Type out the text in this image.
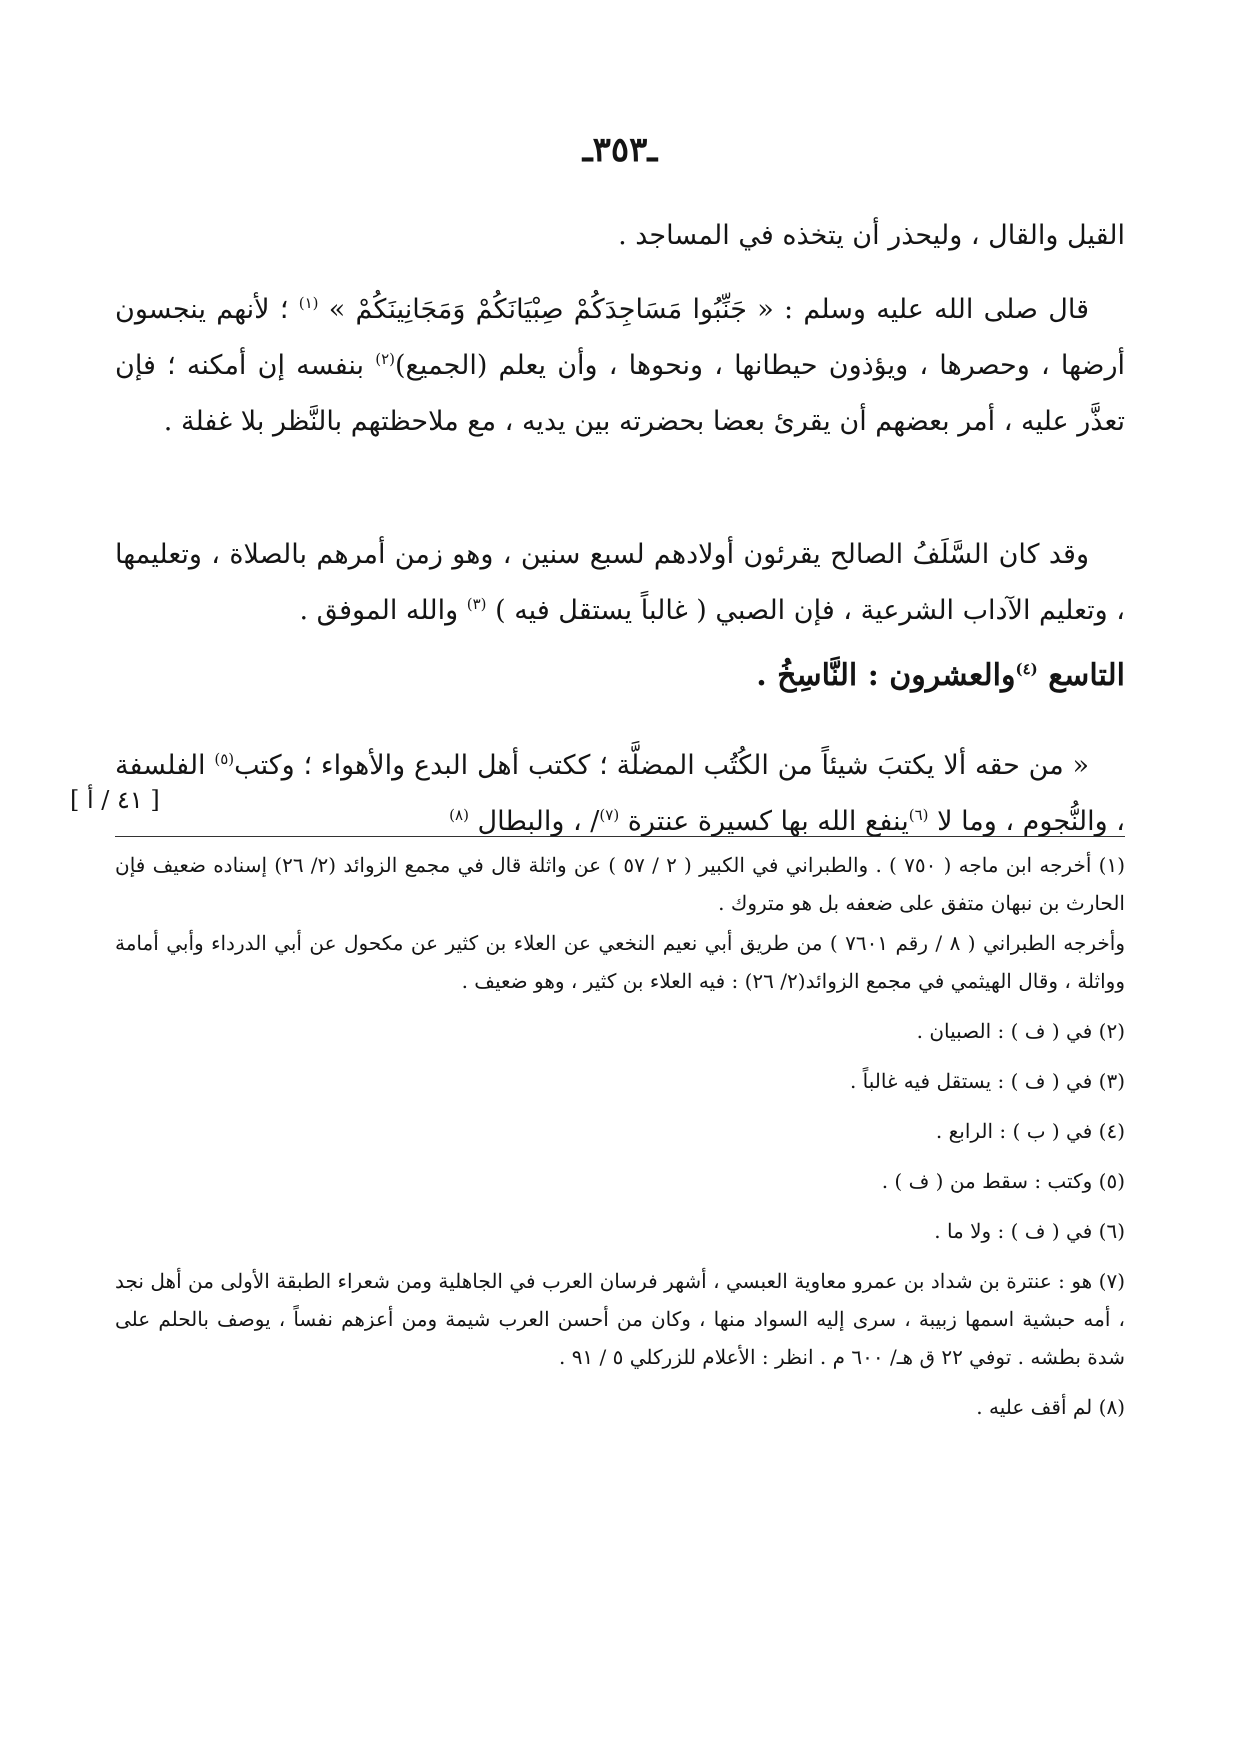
ـ٣٥٣ـ

القيل والقال ، وليحذر أن يتخذه في المساجد .

قال صلى الله عليه وسلم : « جَنِّبُوا مَسَاجِدَكُمْ صِبْيَانَكُمْ وَمَجَانِينَكُمْ » $^{(١)}$ ؛ لأنهم ينجسون أرضها ، وحصرها ، ويؤذون حيطانها ، ونحوها ، وأن يعلم (الجميع)$^{(٢)}$ بنفسه إن أمكنه ؛ فإن تعذَّر عليه ، أمر بعضهم أن يقرئ بعضا بحضرته بين يديه ، مع ملاحظتهم بالنَّظر بلا غفلة .

وقد كان السَّلَفُ الصالح يقرئون أولادهم لسبع سنين ، وهو زمن أمرهم بالصلاة ، وتعليمها ، وتعليم الآداب الشرعية ، فإن الصبي ( غالباً يستقل فيه ) $^{(٣)}$ والله الموفق .

التاسع $^{(٤)}$والعشرون : النَّاسِخُ .

« من حقه ألا يكتبَ شيئاً من الكُتُب المضلَّة ؛ ككتب أهل البدع والأهواء ؛ وكتب$^{(٥)}$ الفلسفة ، والنُّجوم ، وما لا $^{(٦)}$ينفع الله بها كسيرة عنترة $^{(٧)}$/ ، والبطال $^{(٨)}$

[ ٤١ / أ ]
(١) أخرجه ابن ماجه ( ٧٥٠ ) . والطبراني في الكبير ( ٢ / ٥٧ ) عن واثلة قال في مجمع الزوائد (٢/ ٢٦) إسناده ضعيف فإن الحارث بن نبهان متفق على ضعفه بل هو متروك .
وأخرجه الطبراني ( ٨ / رقم ٧٦٠١ ) من طريق أبي نعيم النخعي عن العلاء بن كثير عن مكحول عن أبي الدرداء وأبي أمامة وواثلة ، وقال الهيثمي في مجمع الزوائد(٢/ ٢٦) : فيه العلاء بن كثير ، وهو ضعيف .
(٢) في ( ف ) : الصبيان .
(٣) في ( ف ) : يستقل فيه غالباً .
(٤) في ( ب ) : الرابع .
(٥) وكتب : سقط من ( ف ) .
(٦) في ( ف ) : ولا ما .
(٧) هو : عنترة بن شداد بن عمرو معاوية العبسي ، أشهر فرسان العرب في الجاهلية ومن شعراء الطبقة الأولى من أهل نجد ، أمه حبشية اسمها زبيبة ، سرى إليه السواد منها ، وكان من أحسن العرب شيمة ومن أعزهم نفساً ، يوصف بالحلم على شدة بطشه . توفي ٢٢ ق هـ/ ٦٠٠ م . انظر : الأعلام للزركلي ٥ / ٩١ .
(٨) لم أقف عليه .
